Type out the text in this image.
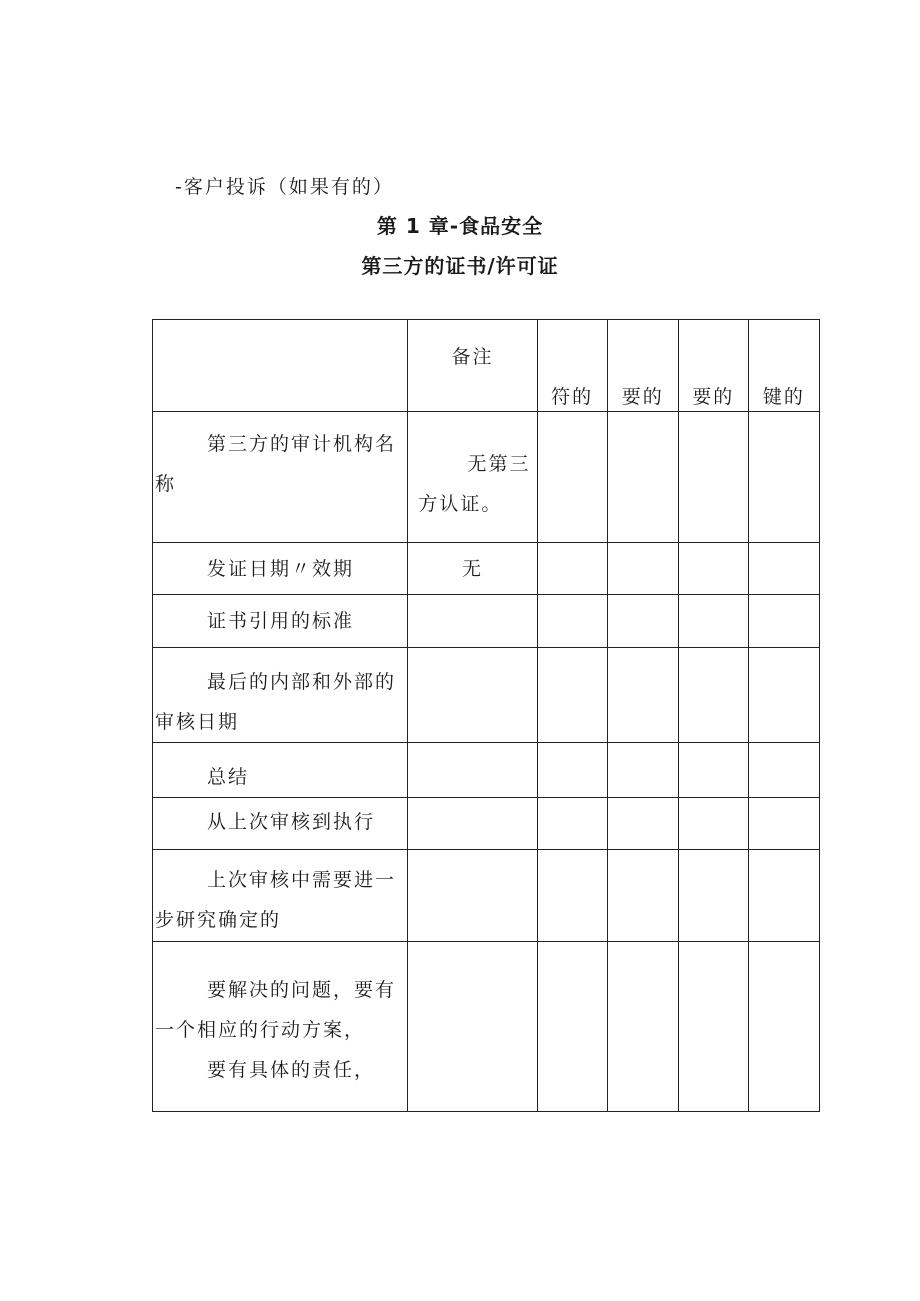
-客户投诉（如果有的）
第 1 章-食品安全
第三方的证书/许可证
	备注	符的	要的	要的	键的

第三方的审计机构名
称	无第三
方认证。				

发证日期〃效期	无				

证书引用的标准					

最后的内部和外部的
审核日期					

总结					

从上次审核到执行					

上次审核中需要进一
步研究确定的					

要解决的问题，要有
一个相应的行动方案，
要有具体的责任，					
